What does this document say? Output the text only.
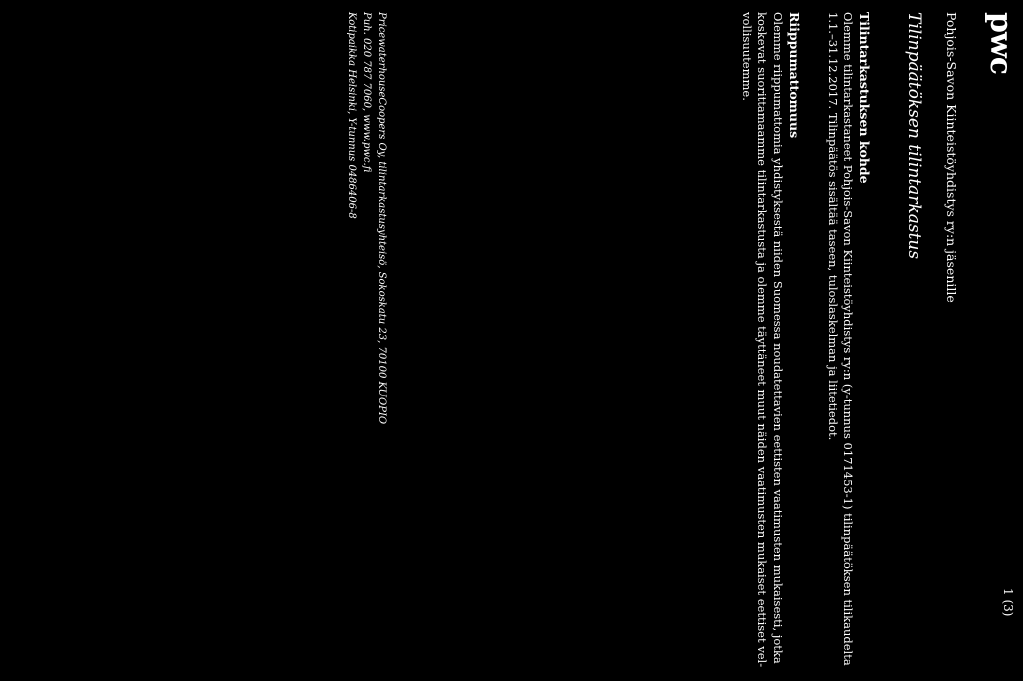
pwc
1 (3)
Pohjois-Savon Kiinteistöyhdistys ry:n jäsenille
Tilinpäätöksen tilintarkastus
Tilintarkastuksen kohde
Olemme tilintarkastaneet Pohjois-Savon Kiinteistöyhdistys ry:n (y-tunnus 0171453-1) tilinpäätöksen tilikaudelta
1.1.–31.12.2017. Tilinpäätös sisältää taseen, tuloslaskelman ja liitetiedot.
Riippumattomuus
Olemme riippumattomia yhdistyksestä niiden Suomessa noudatettavien eettisten vaatimusten mukaisesti, jotka
koskevat suorittamaamme tilintarkastusta ja olemme täyttäneet muut näiden vaatimusten mukaiset eettiset vel-
vollisuutemme.
PricewaterhouseCoopers Oy, tilintarkastusyhteisö, Sokoskatu 23, 70100 KUOPIO
Puh. 020 787 7060, www.pwc.fi
Kotipaikka Helsinki, Y-tunnus 0486406-8
